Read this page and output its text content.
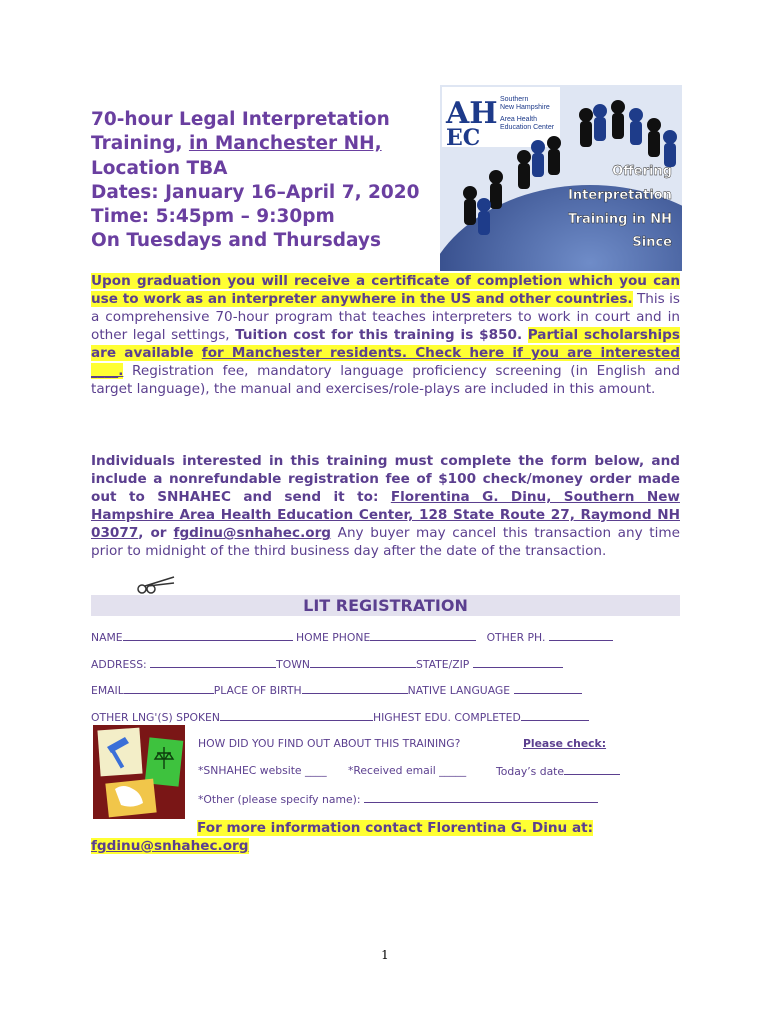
70-hour Legal Interpretation
Training, in Manchester NH,
Location TBA
Dates: January 16–April 7, 2020
Time: 5:45pm – 9:30pm
On Tuesdays and Thursdays
AH
EC
Southern
New Hampshire
Area Health
Education Center
Offering
Interpretation
Training in NH
Since
Upon graduation you will receive a certificate of completion which you can use to work as an interpreter anywhere in the US and other countries. This is a comprehensive 70-hour program that teaches interpreters to work in court and in other legal settings, Tuition cost for this training is $850. Partial scholarships are available for Manchester residents. Check here if you are interested ____. Registration fee, mandatory language proficiency screening (in English and target language), the manual and exercises/role-plays are included in this amount.
Individuals interested in this training must complete the form below, and include a nonrefundable registration fee of $100 check/money order made out to SNHAHEC and send it to: Florentina G. Dinu, Southern New Hampshire Area Health Education Center, 128 State Route 27, Raymond NH 03077, or fgdinu@snhahec.org Any buyer may cancel this transaction any time prior to midnight of the third business day after the date of the transaction.
LIT REGISTRATION
NAME	HOME PHONE	OTHER PH.
ADDRESS:	TOWN	STATE/ZIP
EMAIL	PLACE OF BIRTH	NATIVE LANGUAGE
OTHER LNG'(S) SPOKEN	HIGHEST EDU. COMPLETED
HOW DID YOU FIND OUT ABOUT THIS TRAINING?	Please check:
*SNHAHEC website ____ *Received email _____	Today’s date
*Other (please specify name):
For more information contact Florentina G. Dinu at:
fgdinu@snhahec.org
1
